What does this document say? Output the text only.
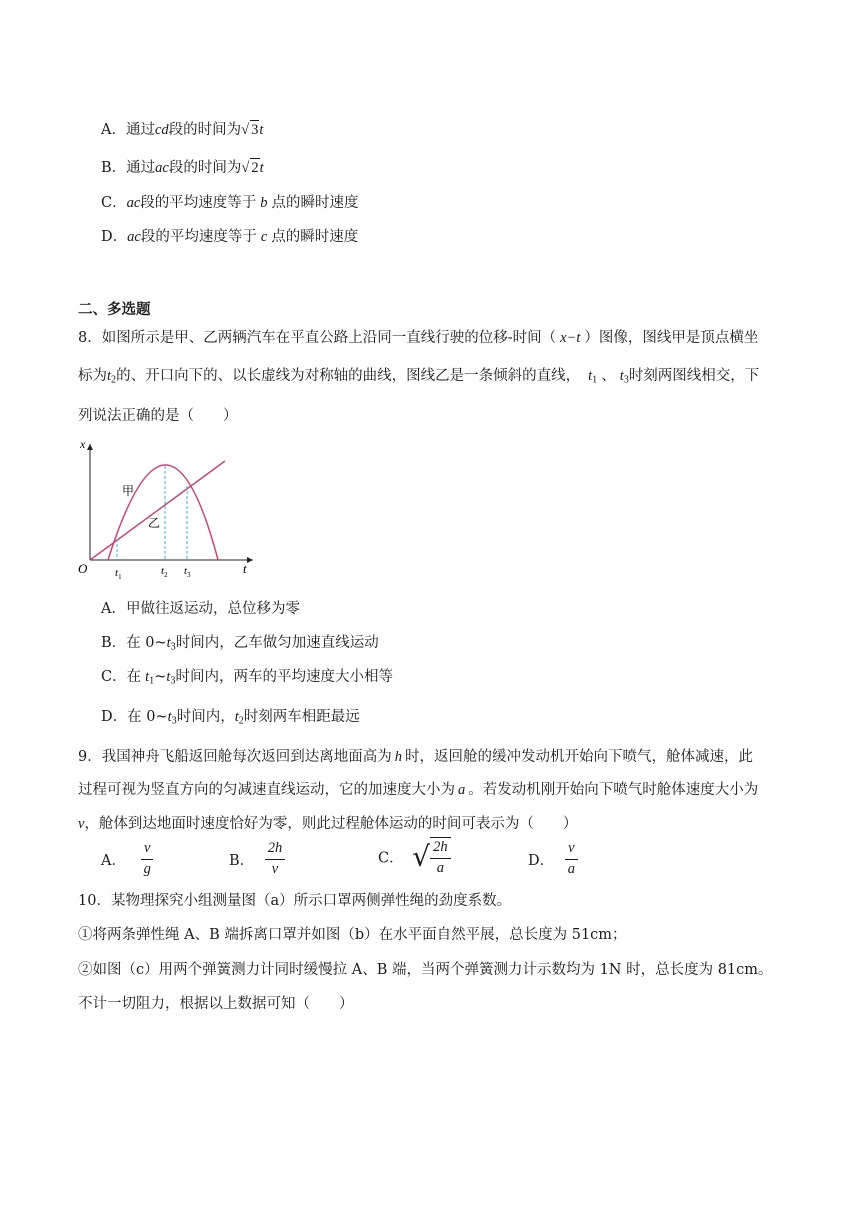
A．通过cd段的时间为 √ 3t
B．通过ac段的时间为 √ 2t
C．ac段的平均速度等于 b 点的瞬时速度
D．ac段的平均速度等于 c 点的瞬时速度
二、多选题
8．如图所示是甲、乙两辆汽车在平直公路上沿同一直线行驶的位移-时间（ x−t ）图像，图线甲是顶点横坐
标为$t_2$的、开口向下的、以长虚线为对称轴的曲线，图线乙是一条倾斜的直线， $t_1$ 、 $t_3$时刻两图线相交，下
列说法正确的是（　　）
x
t
O
甲
乙
$t_1$	$t_2$ $t_3$
A．甲做往返运动，总位移为零
B．在 $0\sim t_3$时间内，乙车做匀加速直线运动
C．在 $t_1\sim t_3$时间内，两车的平均速度大小相等
D．在 $0\sim t_3$时间内，$t_2$时刻两车相距最远
9．我国神舟飞船返回舱每次返回到达离地面高为 h 时，返回舱的缓冲发动机开始向下喷气，舱体减速，此
过程可视为竖直方向的匀减速直线运动，它的加速度大小为 a 。若发动机刚开始向下喷气时舱体速度大小为
v，舱体到达地面时速度恰好为零，则此过程舱体运动的时间可表示为（　　）
A． $\frac{v}{g}$	B． $\frac{2h}{v}$	C． √ $\frac{2h}{a}$	D． $\frac{v}{a}$
10．某物理探究小组测量图（a）所示口罩两侧弹性绳的劲度系数。
①将两条弹性绳 A、B 端拆离口罩并如图（b）在水平面自然平展，总长度为 51cm；
②如图（c）用两个弹簧测力计同时缓慢拉 A、B 端，当两个弹簧测力计示数均为 1N 时，总长度为 81cm。
不计一切阻力，根据以上数据可知（　　）
